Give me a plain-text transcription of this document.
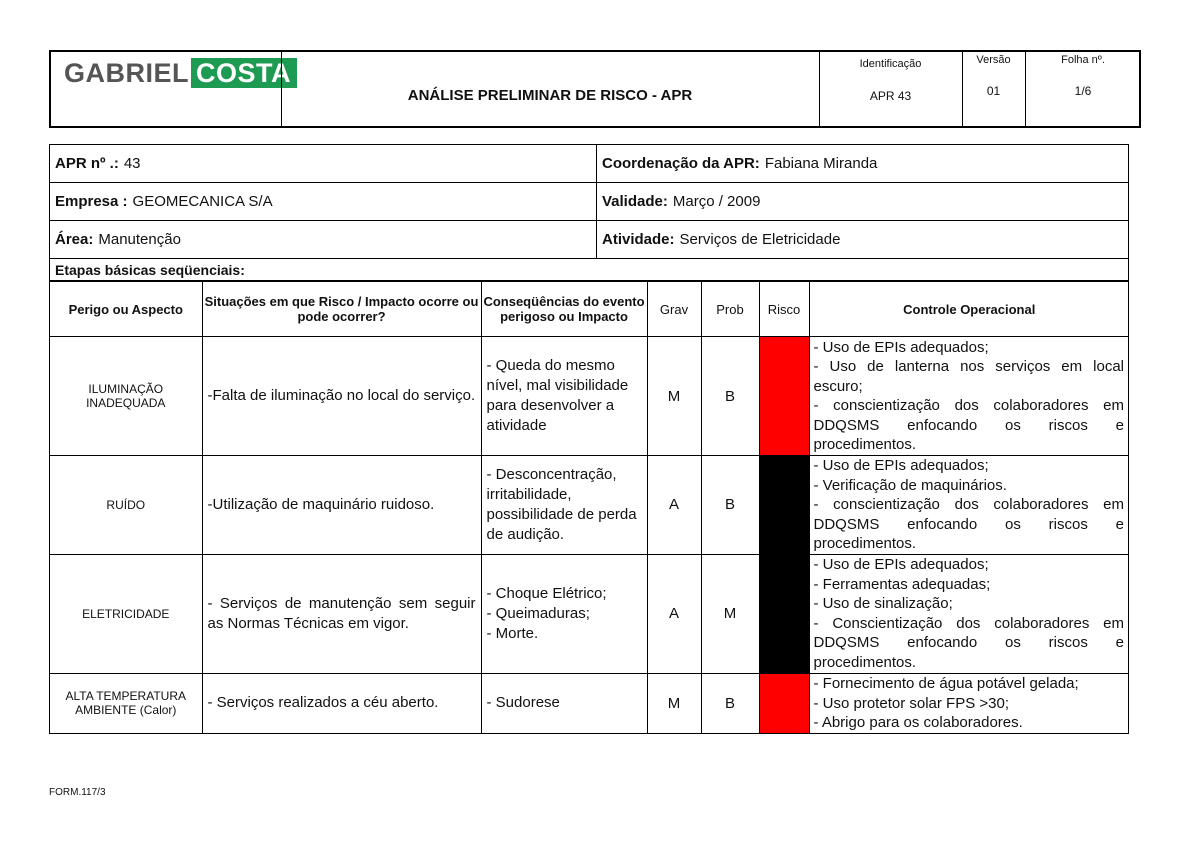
GABRIEL COSTA
ANÁLISE PRELIMINAR DE RISCO - APR
Identificação
APR 43
Versão
01
Folha nº.
1/6
APR nº .: 43	Coordenação da APR: Fabiana Miranda
Empresa : GEOMECANICA S/A	Validade: Março / 2009
Área: Manutenção	Atividade: Serviços de Eletricidade
Etapas básicas seqüenciais:
Perigo ou Aspecto	Situações em que Risco / Impacto ocorre ou pode ocorrer?	Conseqüências do evento perigoso ou Impacto	Grav	Prob	Risco	Controle Operacional

ILUMINAÇÃO INADEQUADA	-Falta de iluminação no local do serviço.	- Queda do mesmo nível, mal visibilidade para desenvolver a atividade	M	B		- Uso de EPIs adequados;
- Uso de lanterna nos serviços em local escuro;
- conscientização dos colaboradores em DDQSMS enfocando os riscos e procedimentos.

RUÍDO	-Utilização de maquinário ruidoso.	- Desconcentração, irritabilidade, possibilidade de perda de audição.	A	B		- Uso de EPIs adequados;
- Verificação de maquinários.
- conscientização dos colaboradores em DDQSMS enfocando os riscos e procedimentos.

ELETRICIDADE	- Serviços de manutenção sem seguir as Normas Técnicas em vigor.	- Choque Elétrico;
- Queimaduras;
- Morte.	A	M		- Uso de EPIs adequados;
- Ferramentas adequadas;
- Uso de sinalização;
- Conscientização dos colaboradores em DDQSMS enfocando os riscos e procedimentos.

ALTA TEMPERATURA AMBIENTE (Calor)	- Serviços realizados a céu aberto.	- Sudorese	M	B		- Fornecimento de água potável gelada;
- Uso protetor solar FPS >30;
- Abrigo para os colaboradores.
FORM.117/3
